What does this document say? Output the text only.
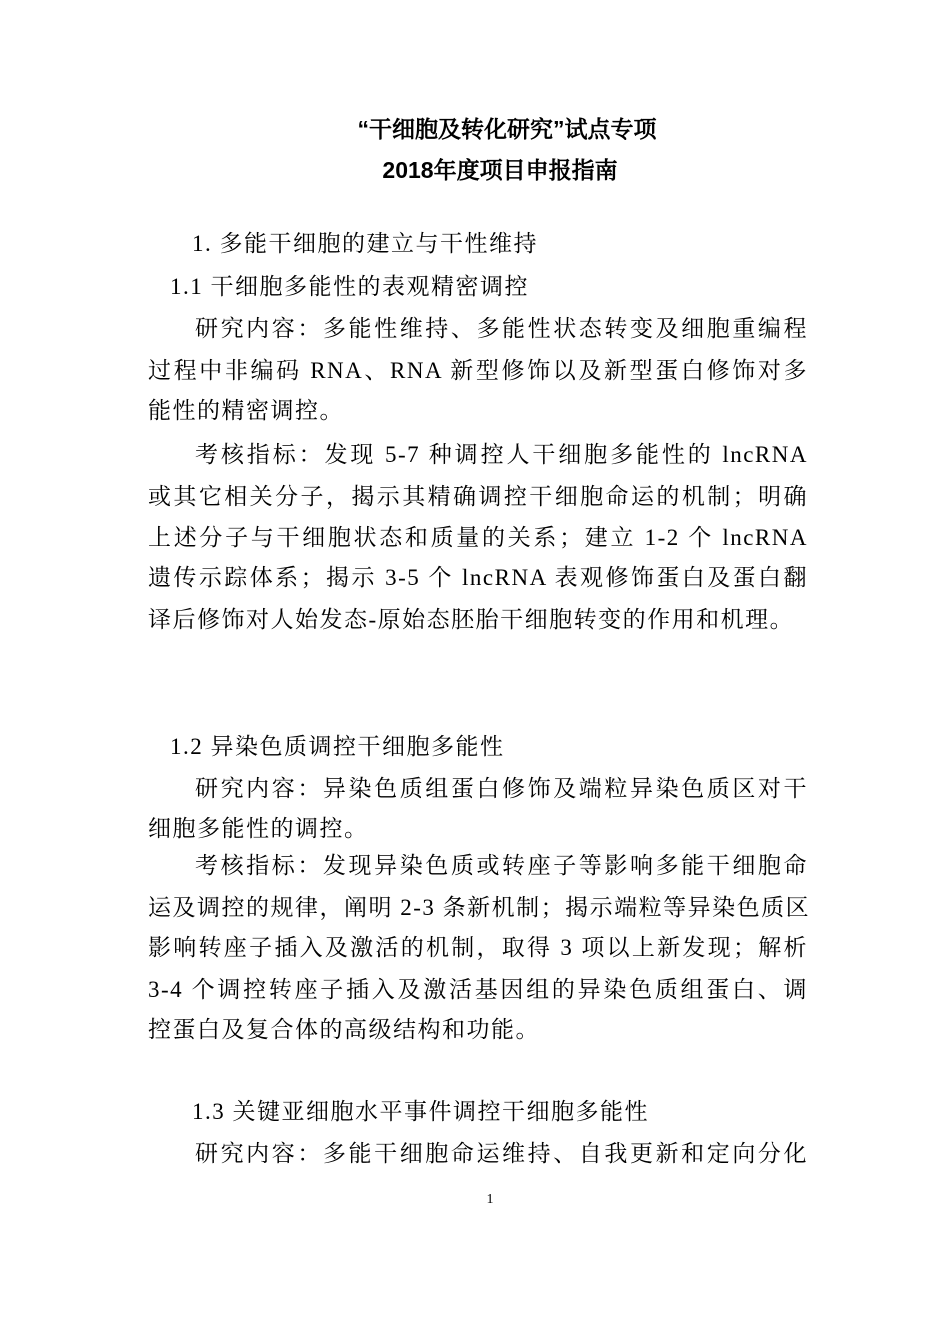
“干细胞及转化研究”试点专项
2018年度项目申报指南
1. 多能干细胞的建立与干性维持
1.1 干细胞多能性的表观精密调控
研究内容：多能性维持、多能性状态转变及细胞重编程
过程中非编码 RNA、RNA 新型修饰以及新型蛋白修饰对多
能性的精密调控。
考核指标：发现 5-7 种调控人干细胞多能性的 lncRNA
或其它相关分子，揭示其精确调控干细胞命运的机制；明确
上述分子与干细胞状态和质量的关系；建立 1-2 个 lncRNA
遗传示踪体系；揭示 3-5 个 lncRNA 表观修饰蛋白及蛋白翻
译后修饰对人始发态-原始态胚胎干细胞转变的作用和机理。
1.2 异染色质调控干细胞多能性
研究内容：异染色质组蛋白修饰及端粒异染色质区对干
细胞多能性的调控。
考核指标：发现异染色质或转座子等影响多能干细胞命
运及调控的规律，阐明 2-3 条新机制；揭示端粒等异染色质区
影响转座子插入及激活的机制，取得 3 项以上新发现；解析
3-4 个调控转座子插入及激活基因组的异染色质组蛋白、调
控蛋白及复合体的高级结构和功能。
1.3 关键亚细胞水平事件调控干细胞多能性
研究内容：多能干细胞命运维持、自我更新和定向分化
1
